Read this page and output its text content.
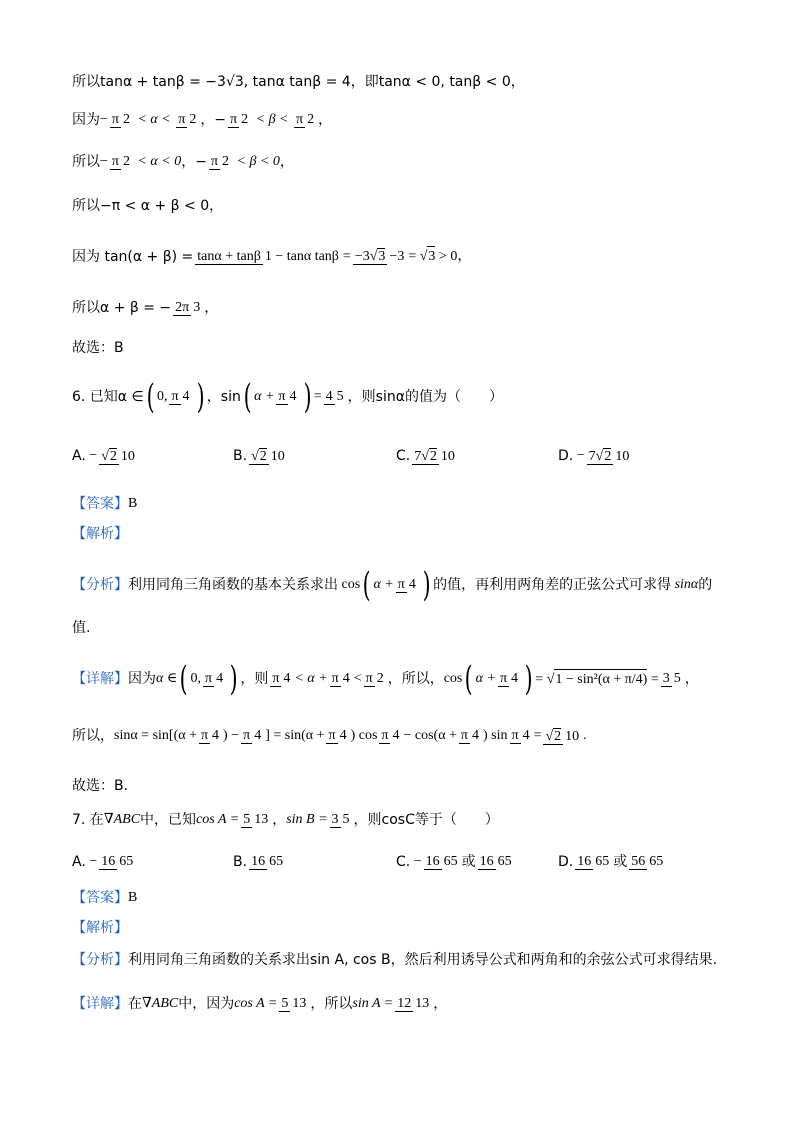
所以tanα + tanβ = −3√3, tanα tanβ = 4，即tanα < 0, tanβ < 0，
因为 − π 2 < α < π 2 ，− π 2 < β < π 2 ，
所以 − π 2 < α < 0 ，− π 2 < β < 0 ，
所以−π < α + β < 0，
因为 tan(α + β) = tanα + tanβ 1 − tanα tanβ = −3√3 −3 = √3 > 0，
所以α + β = − 2π 3 ，
故选：B
6. 已知α ∈ ( 0, π 4 ) ，sin ( α + π 4 ) = 4 5 ，则sinα的值为（　　）
A. − √2 10	B. √2 10	C. 7√2 10	D. − 7√2 10
【答案】 B
【解析】
【分析】 利用同角三角函数的基本关系求出 cos ( α + π 4 ) 的值，再利用两角差的正弦公式可求得 sinα 的
值.
【详解】 因为 α ∈ ( 0, π 4 ) ，则 π 4 < α + π 4 < π 2 ，所以， cos ( α + π 4 ) = √1 − sin²(α + π/4) = 3 5 ，
所以， sinα = sin[(α + π 4 ) − π 4 ] = sin(α + π 4 ) cos π 4 − cos(α + π 4 ) sin π 4 = √2 10 .
故选：B.
7. 在 ∇ABC 中，已知 cos A = 5 13 ， sin B = 3 5 ，则cosC等于（　　）
A. − 16 65	B. 16 65	C. − 16 65 或 16 65	D. 16 65 或 56 65
【答案】 B
【解析】
【分析】 利用同角三角函数的关系求出sin A, cos B，然后利用诱导公式和两角和的余弦公式可求得结果.
【详解】 在 ∇ABC 中，因为 cos A = 5 13 ，所以 sin A = 12 13 ，
